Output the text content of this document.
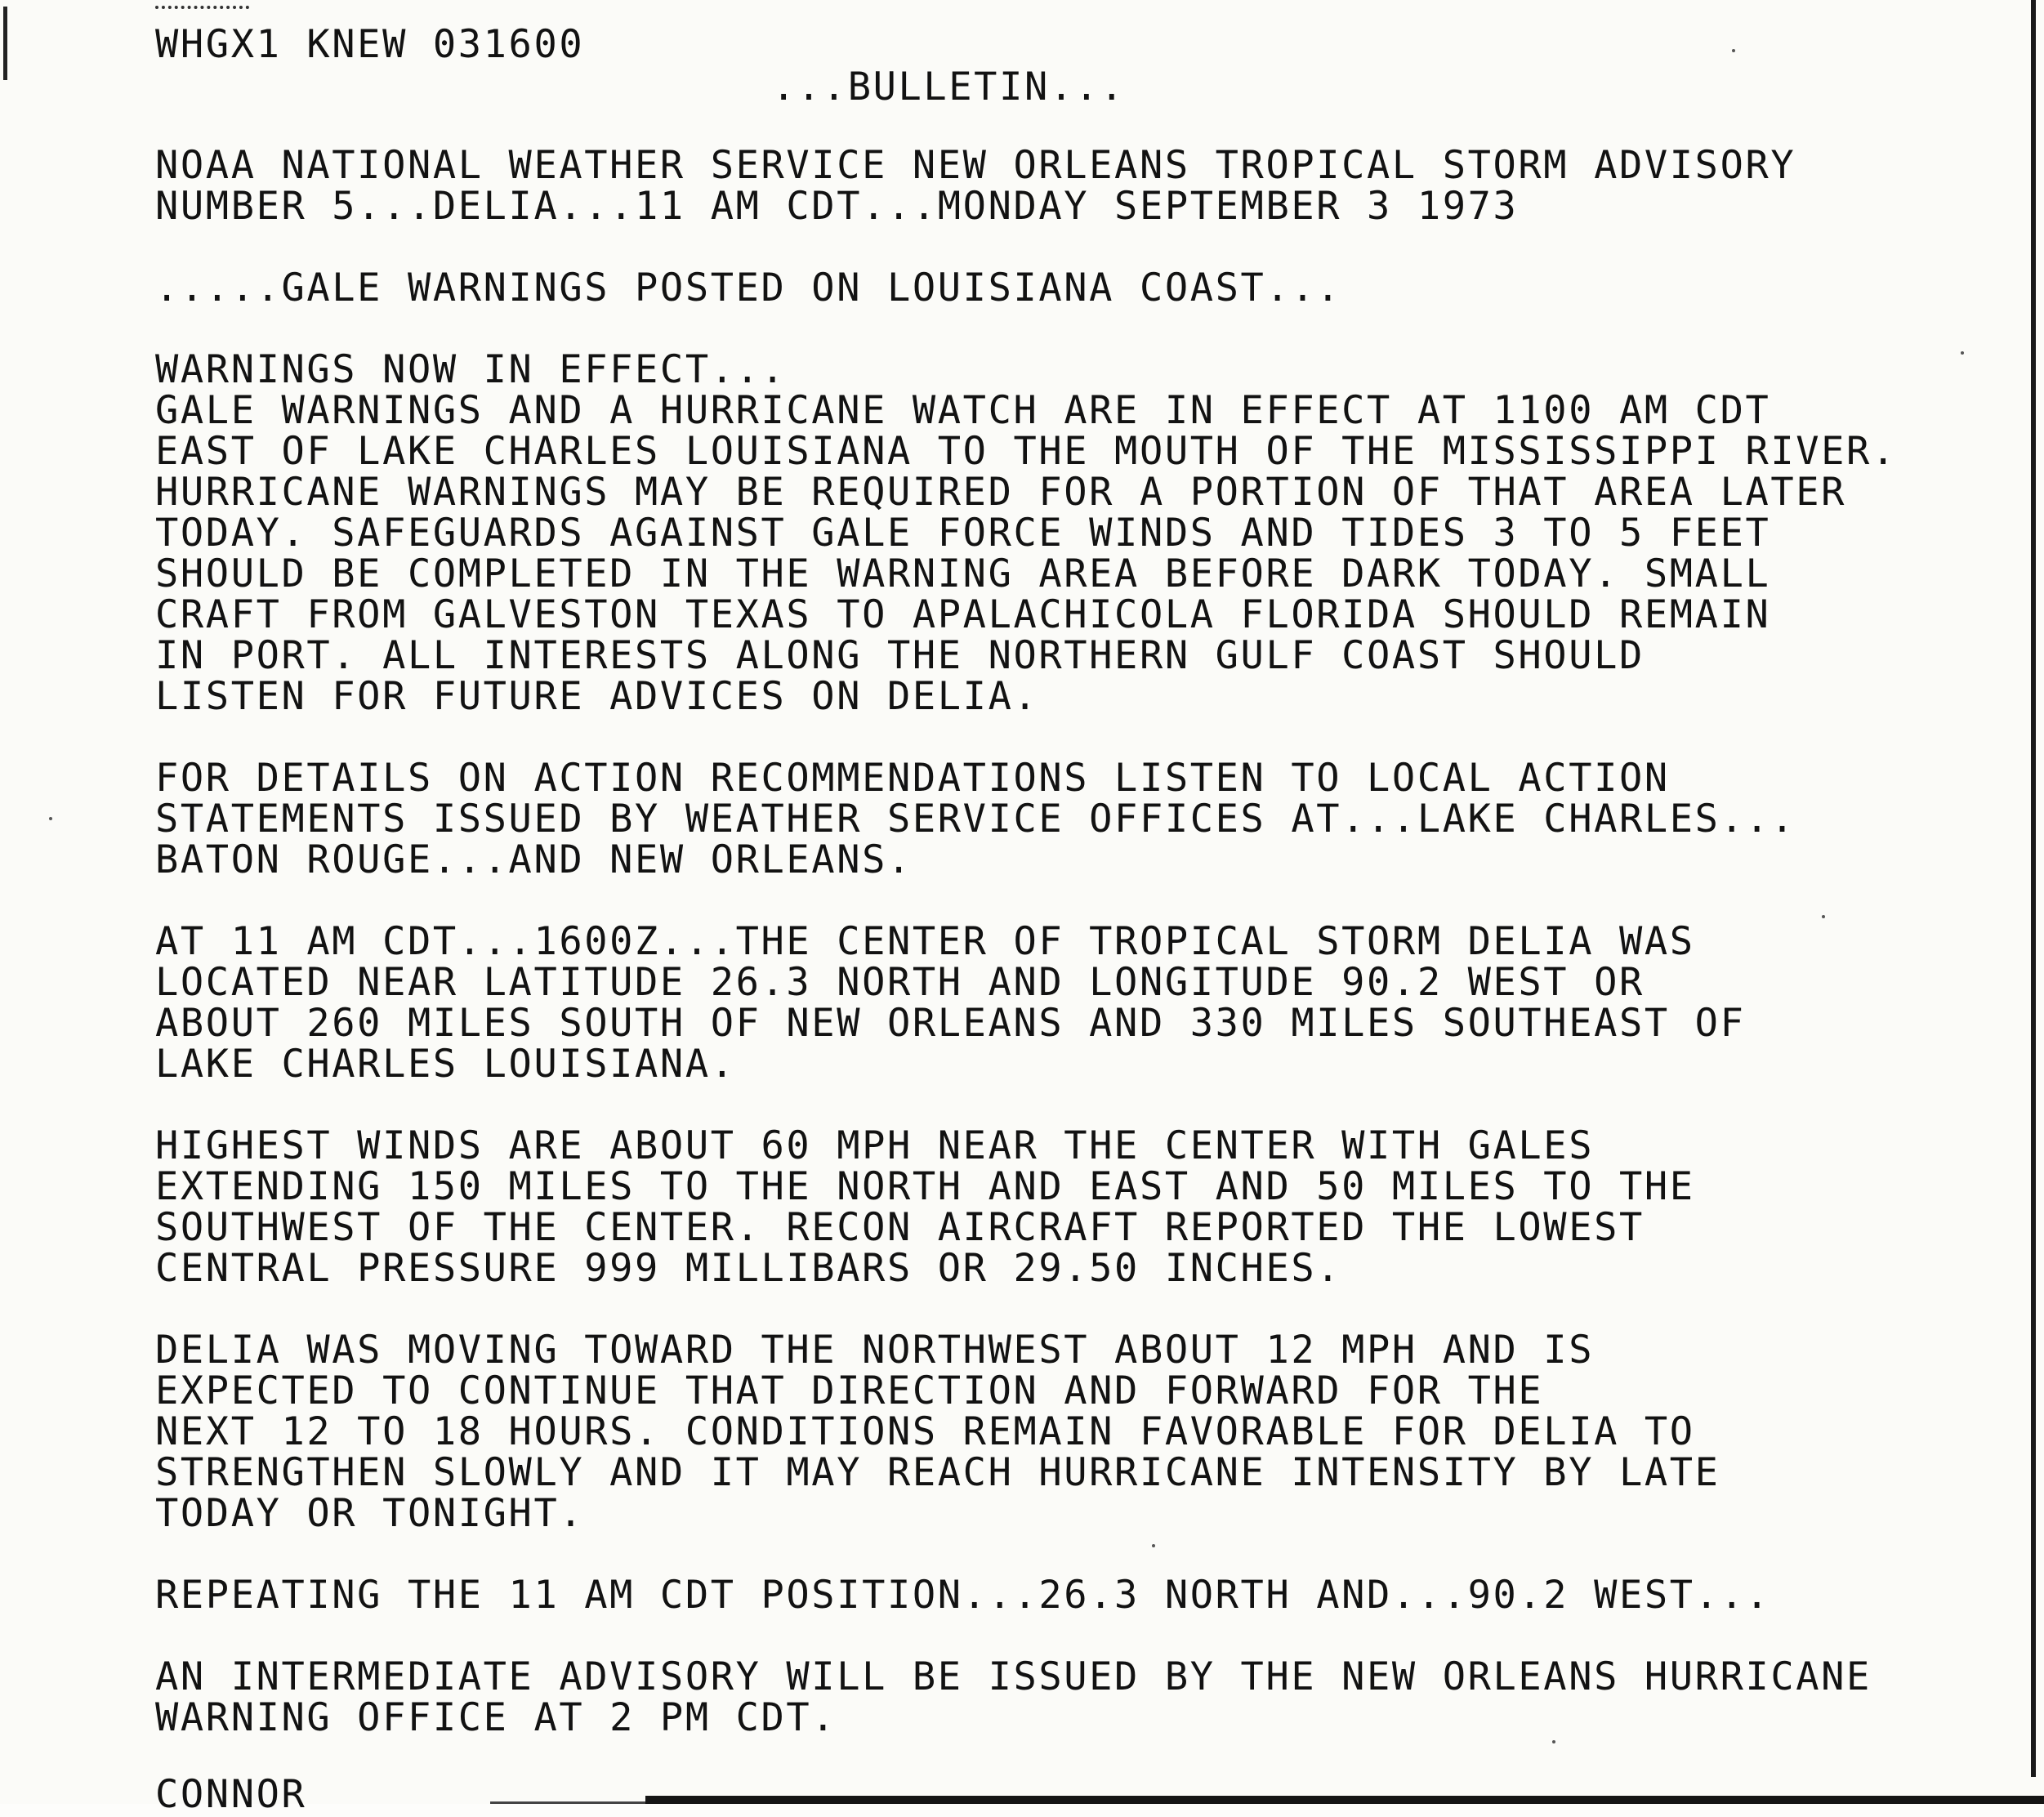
WHGX1 KNEW 031600

...BULLETIN...

NOAA NATIONAL WEATHER SERVICE NEW ORLEANS TROPICAL STORM ADVISORY

NUMBER 5...DELIA...11 AM CDT...MONDAY SEPTEMBER 3 1973

.....GALE WARNINGS POSTED ON LOUISIANA COAST...

WARNINGS NOW IN EFFECT...

GALE WARNINGS AND A HURRICANE WATCH ARE IN EFFECT AT 1100 AM CDT

EAST OF LAKE CHARLES LOUISIANA TO THE MOUTH OF THE MISSISSIPPI RIVER.

HURRICANE WARNINGS MAY BE REQUIRED FOR A PORTION OF THAT AREA LATER

TODAY. SAFEGUARDS AGAINST GALE FORCE WINDS AND TIDES 3 TO 5 FEET

SHOULD BE COMPLETED IN THE WARNING AREA BEFORE DARK TODAY. SMALL

CRAFT FROM GALVESTON TEXAS TO APALACHICOLA FLORIDA SHOULD REMAIN

IN PORT. ALL INTERESTS ALONG THE NORTHERN GULF COAST SHOULD

LISTEN FOR FUTURE ADVICES ON DELIA.

FOR DETAILS ON ACTION RECOMMENDATIONS LISTEN TO LOCAL ACTION

STATEMENTS ISSUED BY WEATHER SERVICE OFFICES AT...LAKE CHARLES...

BATON ROUGE...AND NEW ORLEANS.

AT 11 AM CDT...1600Z...THE CENTER OF TROPICAL STORM DELIA WAS

LOCATED NEAR LATITUDE 26.3 NORTH AND LONGITUDE 90.2 WEST OR

ABOUT 260 MILES SOUTH OF NEW ORLEANS AND 330 MILES SOUTHEAST OF

LAKE CHARLES LOUISIANA.

HIGHEST WINDS ARE ABOUT 60 MPH NEAR THE CENTER WITH GALES

EXTENDING 150 MILES TO THE NORTH AND EAST AND 50 MILES TO THE

SOUTHWEST OF THE CENTER. RECON AIRCRAFT REPORTED THE LOWEST

CENTRAL PRESSURE 999 MILLIBARS OR 29.50 INCHES.

DELIA WAS MOVING TOWARD THE NORTHWEST ABOUT 12 MPH AND IS

EXPECTED TO CONTINUE THAT DIRECTION AND FORWARD FOR THE

NEXT 12 TO 18 HOURS. CONDITIONS REMAIN FAVORABLE FOR DELIA TO

STRENGTHEN SLOWLY AND IT MAY REACH HURRICANE INTENSITY BY LATE

TODAY OR TONIGHT.

REPEATING THE 11 AM CDT POSITION...26.3 NORTH AND...90.2 WEST...

AN INTERMEDIATE ADVISORY WILL BE ISSUED BY THE NEW ORLEANS HURRICANE

WARNING OFFICE AT 2 PM CDT.

CONNOR
